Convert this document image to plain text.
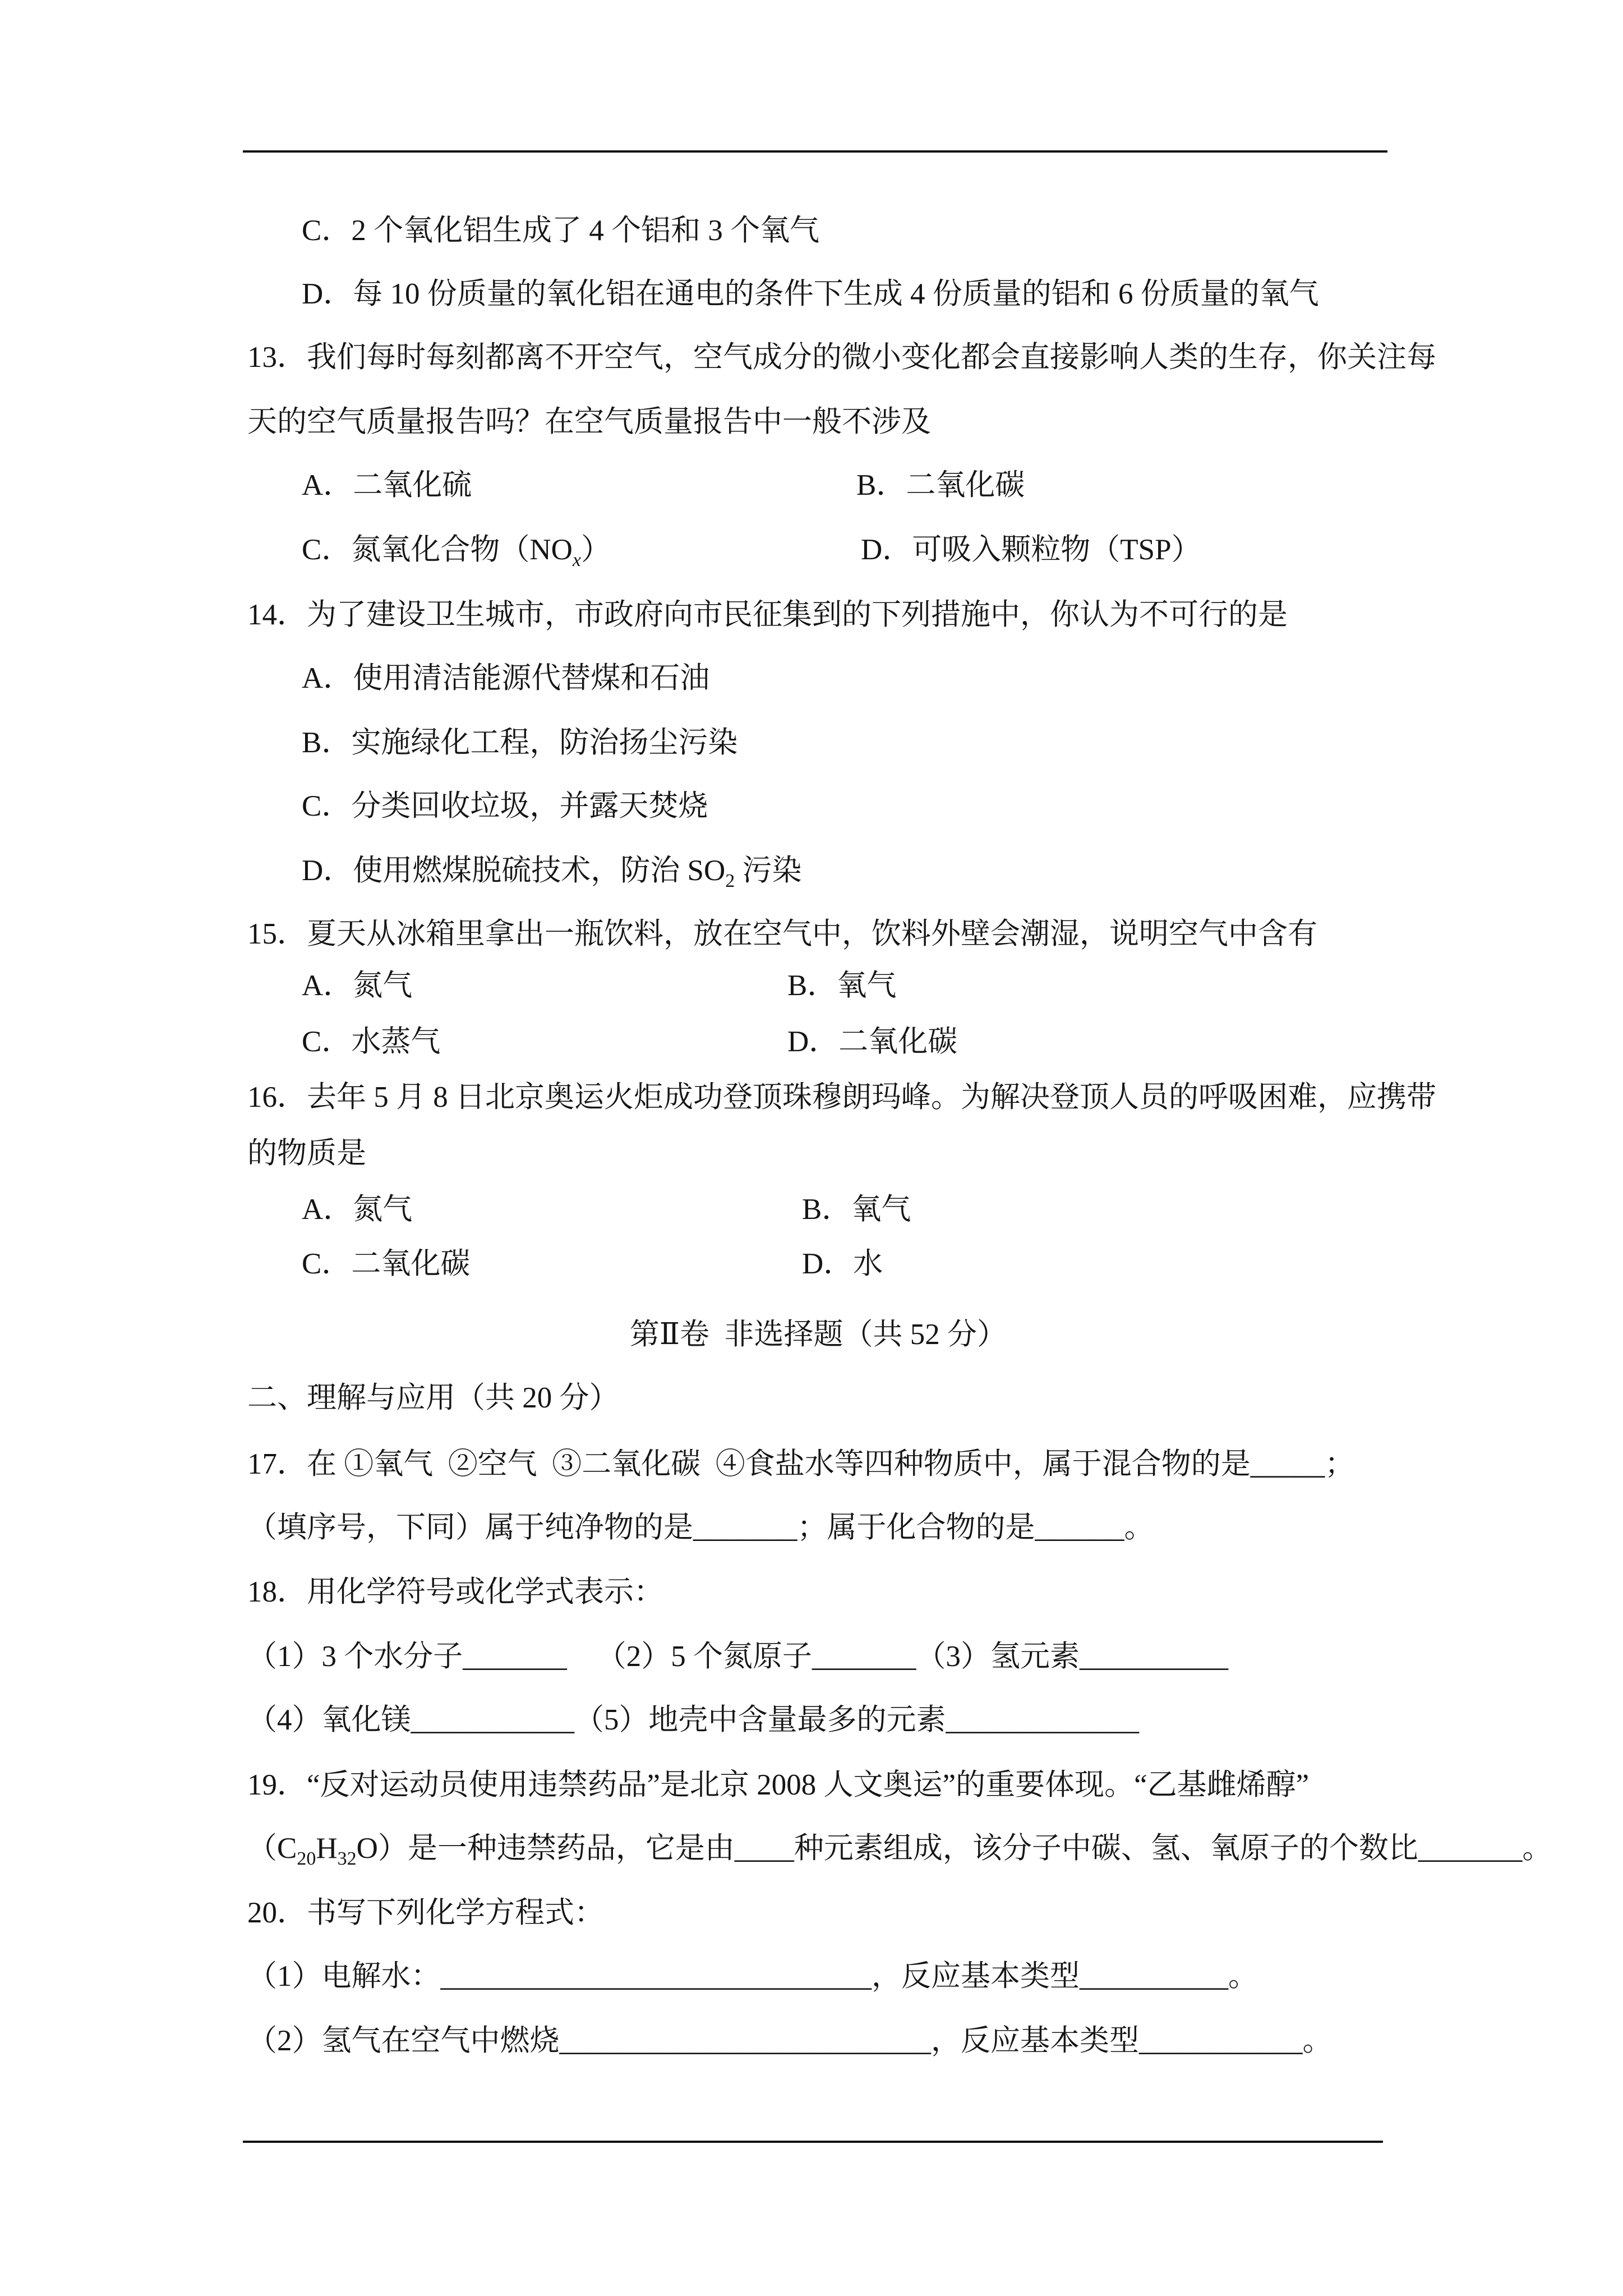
C．2 个氧化铝生成了 4 个铝和 3 个氧气
D．每 10 份质量的氧化铝在通电的条件下生成 4 份质量的铝和 6 份质量的氧气
13．我们每时每刻都离不开空气，空气成分的微小变化都会直接影响人类的生存，你关注每
天的空气质量报告吗？在空气质量报告中一般不涉及
A．二氧化硫	B．二氧化碳
C．氮氧化合物$(NO_x)$	D．可吸入颗粒物（TSP）
14．为了建设卫生城市，市政府向市民征集到的下列措施中，你认为不可行的是
A．使用清洁能源代替煤和石油
B．实施绿化工程，防治扬尘污染
C．分类回收垃圾，并露天焚烧
D．使用燃煤脱硫技术，防治 $SO_2$ 污染
15．夏天从冰箱里拿出一瓶饮料，放在空气中，饮料外壁会潮湿，说明空气中含有
A．氮气	B．氧气
C．水蒸气	D．二氧化碳
16．去年 5 月 8 日北京奥运火炬成功登顶珠穆朗玛峰。为解决登顶人员的呼吸困难，应携带
的物质是
A．氮气	B．氧气
C．二氧化碳	D．水
第Ⅱ卷  非选择题（共 52 分）
二、理解与应用（共 20 分）
17．在 ①氧气  ②空气  ③二氧化碳  ④食盐水等四种物质中，属于混合物的是_____；
（填序号，下同）属于纯净物的是_______；属于化合物的是______。
18．用化学符号或化学式表示：
（1）3 个水分子_______    （2）5 个氮原子_______（3）氢元素__________
（4）氧化镁___________（5）地壳中含量最多的元素_____________
19．“反对运动员使用违禁药品”是北京 2008 人文奥运”的重要体现。“乙基雌烯醇”
$(C_{20}H_{32}O)$是一种违禁药品，它是由____种元素组成，该分子中碳、氢、氧原子的个数比_______。
20．书写下列化学方程式：
（1）电解水：_____________________________，反应基本类型__________。
（2）氢气在空气中燃烧_________________________，反应基本类型___________。
